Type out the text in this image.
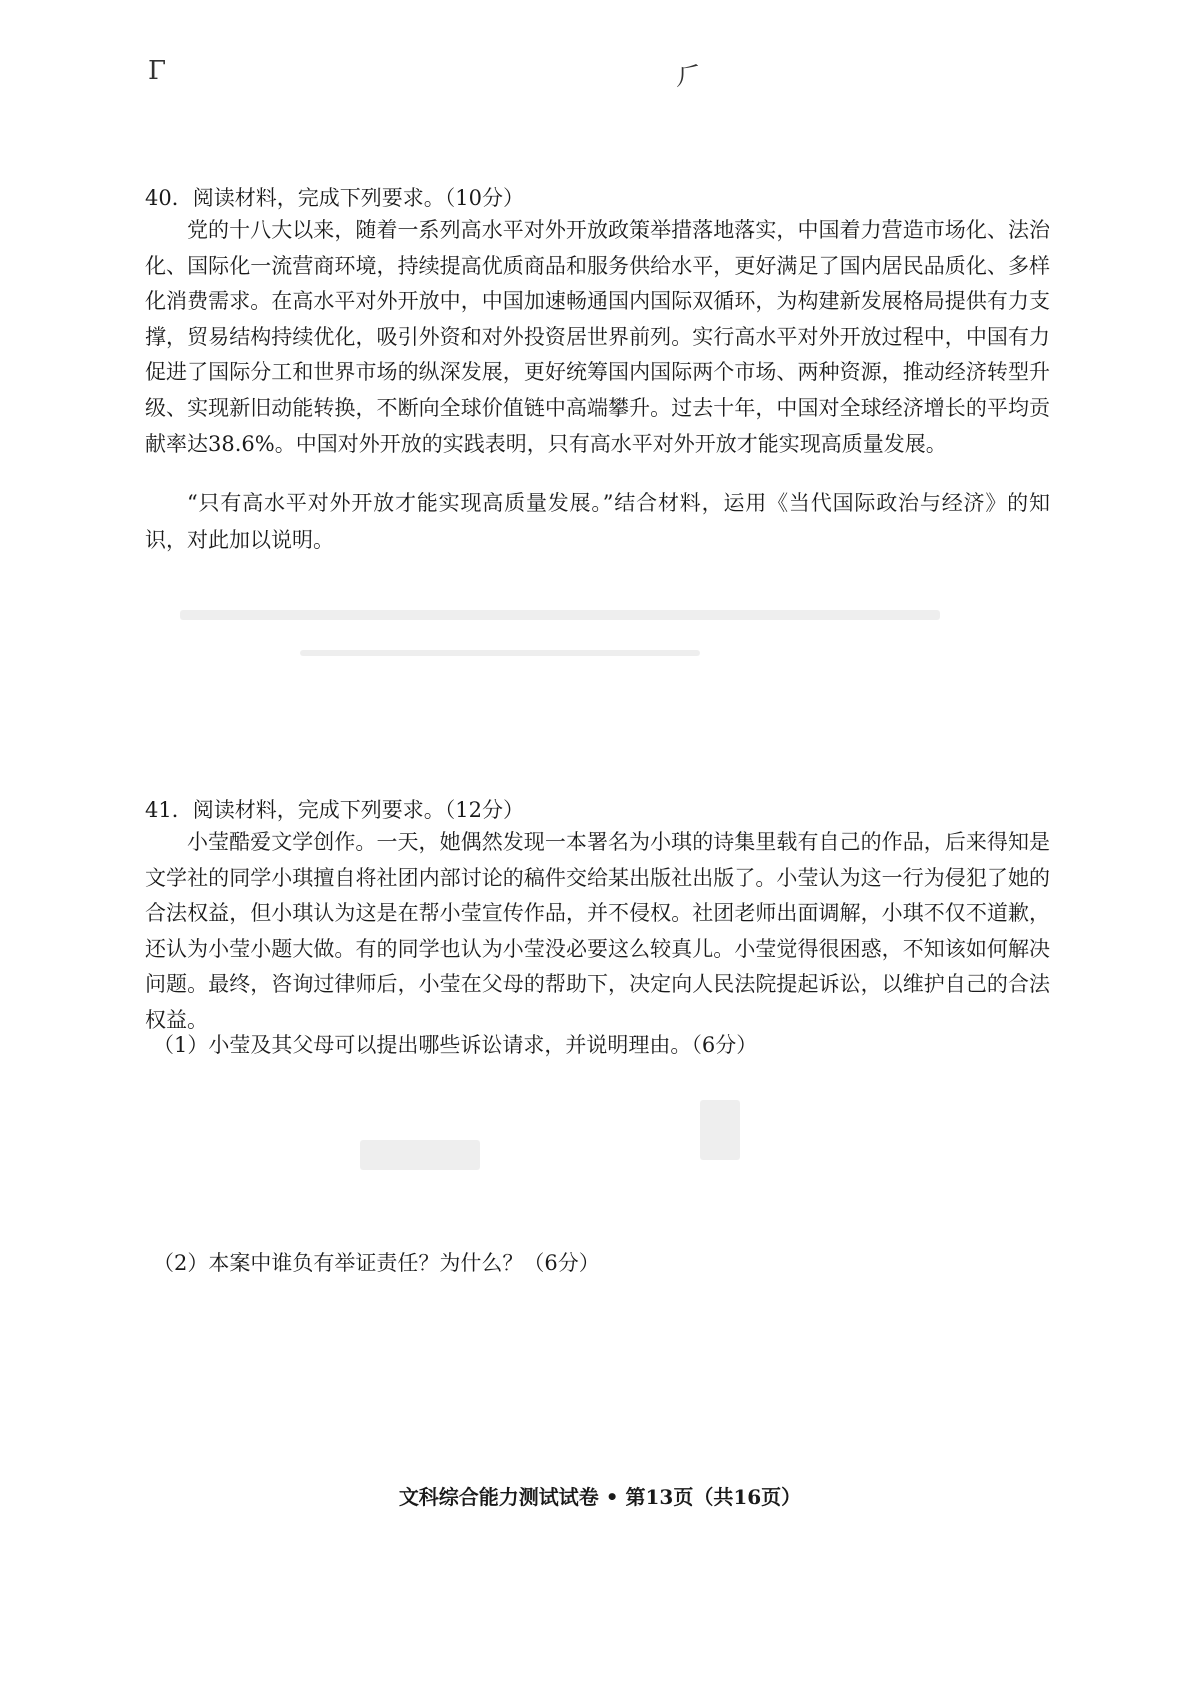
Γ	⺁
40．阅读材料，完成下列要求。（10分）

党的十八大以来，随着一系列高水平对外开放政策举措落地落实，中国着力营造市场化、法治化、国际化一流营商环境，持续提高优质商品和服务供给水平，更好满足了国内居民品质化、多样化消费需求。在高水平对外开放中，中国加速畅通国内国际双循环，为构建新发展格局提供有力支撑，贸易结构持续优化，吸引外资和对外投资居世界前列。实行高水平对外开放过程中，中国有力促进了国际分工和世界市场的纵深发展，更好统筹国内国际两个市场、两种资源，推动经济转型升级、实现新旧动能转换，不断向全球价值链中高端攀升。过去十年，中国对全球经济增长的平均贡献率达38.6%。中国对外开放的实践表明，只有高水平对外开放才能实现高质量发展。

“只有高水平对外开放才能实现高质量发展。”结合材料，运用《当代国际政治与经济》的知识，对此加以说明。

41．阅读材料，完成下列要求。（12分）

小莹酷爱文学创作。一天，她偶然发现一本署名为小琪的诗集里载有自己的作品，后来得知是文学社的同学小琪擅自将社团内部讨论的稿件交给某出版社出版了。小莹认为这一行为侵犯了她的合法权益，但小琪认为这是在帮小莹宣传作品，并不侵权。社团老师出面调解，小琪不仅不道歉，还认为小莹小题大做。有的同学也认为小莹没必要这么较真儿。小莹觉得很困惑，不知该如何解决问题。最终，咨询过律师后，小莹在父母的帮助下，决定向人民法院提起诉讼，以维护自己的合法权益。

（1）小莹及其父母可以提出哪些诉讼请求，并说明理由。（6分）
（2）本案中谁负有举证责任？为什么？（6分）
文科综合能力测试试卷 • 第13页（共16页）
